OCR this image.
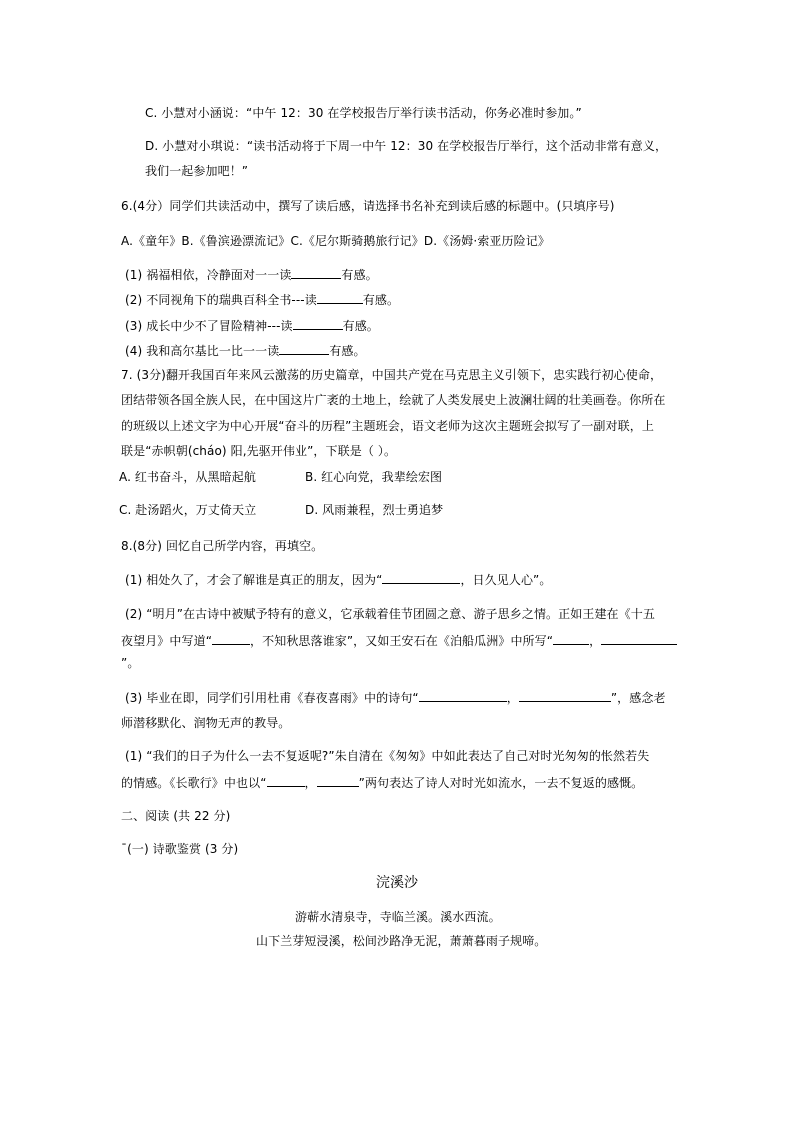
C. 小慧对小涵说：“中午 12：30 在学校报告厅举行读书活动，你务必准时参加。”
D. 小慧对小琪说：“读书活动将于下周一中午 12：30 在学校报告厅举行，这个活动非常有意义，
我们一起参加吧！”
6.(4分）同学们共读活动中，撰写了读后感，请选择书名补充到读后感的标题中。(只填序号)
A.《童年》B.《鲁滨逊漂流记》C.《尼尔斯骑鹅旅行记》D.《汤姆·索亚历险记》
(1) 祸福相依，冷静面对一一读	有感。
(2) 不同视角下的瑞典百科全书---读	有感。
(3) 成长中少不了冒险精神---读	有感。
(4) 我和高尔基比一比一一读	有感。
7. (3分)翻开我国百年来风云激荡的历史篇章，中国共产党在马克思主义引领下，忠实践行初心使命，
团结带领各国全族人民，在中国这片广袤的土地上，绘就了人类发展史上波澜壮阔的壮美画卷。你所在
的班级以上述文字为中心开展“奋斗的历程”主题班会，语文老师为这次主题班会拟写了一副对联，上
联是“赤帜朝(cháo) 阳,先驱开伟业”，下联是（ ）。
A. 红书奋斗，从黑暗起航	B. 红心向党，我辈绘宏图
C. 赴汤蹈火，万丈倚天立	D. 风雨兼程，烈士勇追梦
8.(8分) 回忆自己所学内容，再填空。
(1) 相处久了，才会了解谁是真正的朋友，因为“	，日久见人心”。
(2) “明月”在古诗中被赋予特有的意义，它承载着佳节团圆之意、游子思乡之情。正如王建在《十五
夜望月》中写道“	，不知秋思落谁家”，又如王安石在《泊船瓜洲》中所写“	，
”。
(3) 毕业在即，同学们引用杜甫《春夜喜雨》中的诗句“	，	”，感念老
师潜移默化、润物无声的教导。
(1) “我们的日子为什么一去不复返呢?”朱自清在《匆匆》中如此表达了自己对时光匆匆的怅然若失
的情感。《长歌行》中也以“	，	”两句表达了诗人对时光如流水，一去不复返的感慨。
二、阅读 (共 22 分)
ˉ(一) 诗歌鉴赏 (3 分)
浣溪沙
游蕲水清泉寺，寺临兰溪。溪水西流。
山下兰芽短浸溪，松间沙路净无泥，萧萧暮雨子规啼。
